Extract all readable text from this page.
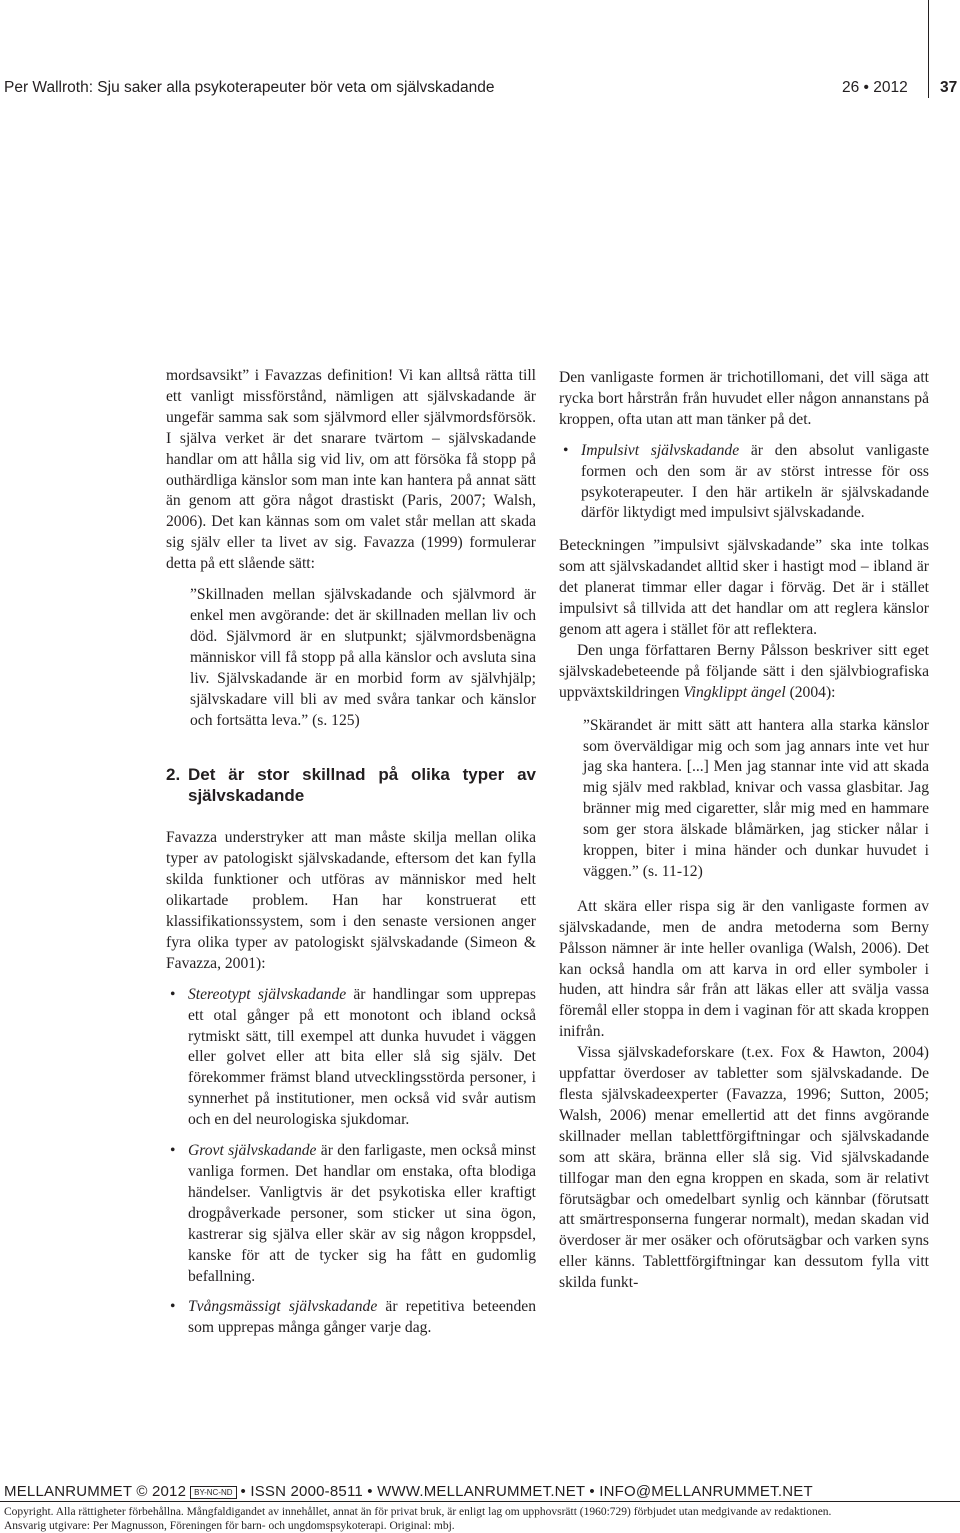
Per Wallroth: Sju saker alla psykoterapeuter bör veta om självskadande	26 • 2012 37

mordsavsikt” i Favazzas definition! Vi kan alltså rätta till ett vanligt missförstånd, nämligen att självskadande är ungefär samma sak som självmord eller självmordsförsök. I själva verket är det snarare tvärtom – självskadande handlar om att hålla sig vid liv, om att försöka få stopp på outhärdliga känslor som man inte kan hantera på annat sätt än genom att göra något drastiskt (Paris, 2007; Walsh, 2006). Det kan kännas som om valet står mellan att skada sig själv eller ta livet av sig. Favazza (1999) formulerar detta på ett slående sätt:

”Skillnaden mellan självskadande och självmord är enkel men avgörande: det är skillnaden mellan liv och död. Självmord är en slutpunkt; självmordsbenägna människor vill få stopp på alla känslor och avsluta sina liv. Självskadande är en morbid form av självhjälp; självskadare vill bli av med svåra tankar och känslor och fortsätta leva.” (s. 125)

2. Det är stor skillnad på olika typer av självskadande

Favazza understryker att man måste skilja mellan olika typer av patologiskt självskadande, eftersom det kan fylla skilda funktioner och utföras av människor med helt olikartade problem. Han har konstruerat ett klassifikationssystem, som i den senaste versionen anger fyra olika typer av patologiskt självskadande (Simeon & Favazza, 2001):

• Stereotypt självskadande är handlingar som upprepas ett otal gånger på ett monotont och ibland också rytmiskt sätt, till exempel att dunka huvudet i väggen eller golvet eller att bita eller slå sig själv. Det förekommer främst bland utvecklingsstörda personer, i synnerhet på institutioner, men också vid svår autism och en del neurologiska sjukdomar.
• Grovt självskadande är den farligaste, men också minst vanliga formen. Det handlar om enstaka, ofta blodiga händelser. Vanligtvis är det psykotiska eller kraftigt drogpåverkade personer, som sticker ut sina ögon, kastrerar sig själva eller skär av sig någon kroppsdel, kanske för att de tycker sig ha fått en gudomlig befallning.
• Tvångsmässigt självskadande är repetitiva beteenden som upprepas många gånger varje dag.

Den vanligaste formen är trichotillomani, det vill säga att rycka bort hårstrån från huvudet eller någon annanstans på kroppen, ofta utan att man tänker på det.

• Impulsivt självskadande är den absolut vanligaste formen och den som är av störst intresse för oss psykoterapeuter. I den här artikeln är självskadande därför liktydigt med impulsivt självskadande.

Beteckningen ”impulsivt självskadande” ska inte tolkas som att självskadandet alltid sker i hastigt mod – ibland är det planerat timmar eller dagar i förväg. Det är i stället impulsivt så tillvida att det handlar om att reglera känslor genom att agera i stället för att reflektera.

Den unga författaren Berny Pålsson beskriver sitt eget självskadebeteende på följande sätt i den självbiografiska uppväxtskildringen Vingklippt ängel (2004):

”Skärandet är mitt sätt att hantera alla starka känslor som överväldigar mig och som jag annars inte vet hur jag ska hantera. [...] Men jag stannar inte vid att skada mig själv med rakblad, knivar och vassa glasbitar. Jag bränner mig med cigaretter, slår mig med en hammare som ger stora älskade blåmärken, jag sticker nålar i kroppen, biter i mina händer och dunkar huvudet i väggen.” (s. 11-12)

Att skära eller rispa sig är den vanligaste formen av självskadande, men de andra metoderna som Berny Pålsson nämner är inte heller ovanliga (Walsh, 2006). Det kan också handla om att karva in ord eller symboler i huden, att hindra sår från att läkas eller att svälja vassa föremål eller stoppa in dem i vaginan för att skada kroppen inifrån.

Vissa självskadeforskare (t.ex. Fox & Hawton, 2004) uppfattar överdoser av tabletter som självskadande. De flesta självskadeexperter (Favazza, 1996; Sutton, 2005; Walsh, 2006) menar emellertid att det finns avgörande skillnader mellan tablettförgiftningar och självskadande som att skära, bränna eller slå sig. Vid självskadande tillfogar man den egna kroppen en skada, som är relativt förutsägbar och omedelbart synlig och kännbar (förutsatt att smärtresponserna fungerar normalt), medan skadan vid överdoser är mer osäker och oförutsägbar och varken syns eller känns. Tablettförgiftningar kan dessutom fylla vitt skilda funkt-

MELLANRUMMET © 2012 BY-NC-ND • ISSN 2000-8511 • WWW.MELLANRUMMET.NET • INFO@MELLANRUMMET.NET
Copyright. Alla rättigheter förbehållna. Mångfaldigandet av innehållet, annat än för privat bruk, är enligt lag om upphovsrätt (1960:729) förbjudet utan medgivande av redaktionen.
Ansvarig utgivare: Per Magnusson, Föreningen för barn- och ungdomspsykoterapi. Original: mbj.
